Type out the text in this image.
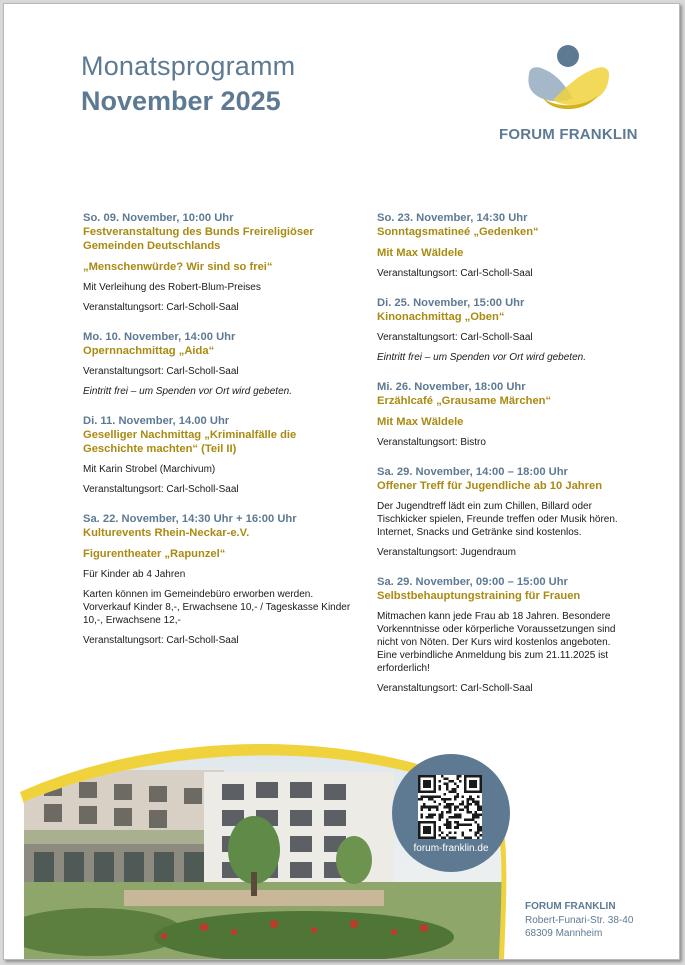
Monatsprogramm
November 2025
FORUM FRANKLIN
So. 09. November, 10:00 Uhr
Festveranstaltung des Bunds Freireligiöser Gemeinden Deutschlands
„Menschenwürde? Wir sind so frei“
Mit Verleihung des Robert-Blum-Preises
Veranstaltungsort: Carl-Scholl-Saal
Mo. 10. November, 14:00 Uhr
Opernnachmittag „Aida“
Veranstaltungsort: Carl-Scholl-Saal
Eintritt frei – um Spenden vor Ort wird gebeten.
Di. 11. November, 14.00 Uhr
Geselliger Nachmittag „Kriminalfälle die Geschichte machten“ (Teil II)
Mit Karin Strobel (Marchivum)
Veranstaltungsort: Carl-Scholl-Saal
Sa. 22. November, 14:30 Uhr + 16:00 Uhr
Kulturevents Rhein-Neckar-e.V.
Figurentheater „Rapunzel“
Für Kinder ab 4 Jahren
Karten können im Gemeindebüro erworben werden. Vorverkauf Kinder 8,-, Erwachsene 10,- / Tageskasse Kinder 10,-, Erwachsene 12,-
Veranstaltungsort: Carl-Scholl-Saal
So. 23. November, 14:30 Uhr
Sonntagsmatineé „Gedenken“
Mit Max Wäldele
Veranstaltungsort: Carl-Scholl-Saal
Di. 25. November, 15:00 Uhr
Kinonachmittag „Oben“
Veranstaltungsort: Carl-Scholl-Saal
Eintritt frei – um Spenden vor Ort wird gebeten.
Mi. 26. November, 18:00 Uhr
Erzählcafé „Grausame Märchen“
Mit Max Wäldele
Veranstaltungsort: Bistro
Sa. 29. November, 14:00 – 18:00 Uhr
Offener Treff für Jugendliche ab 10 Jahren
Der Jugendtreff lädt ein zum Chillen, Billard oder Tischkicker spielen, Freunde treffen oder Musik hören. Internet, Snacks und Getränke sind kostenlos.
Veranstaltungsort: Jugendraum
Sa. 29. November, 09:00 – 15:00 Uhr
Selbstbehauptungstraining für Frauen
Mitmachen kann jede Frau ab 18 Jahren. Besondere Vorkenntnisse oder körperliche Voraussetzungen sind nicht von Nöten. Der Kurs wird kostenlos angeboten. Eine verbindliche Anmeldung bis zum 21.11.2025 ist erforderlich!
Veranstaltungsort: Carl-Scholl-Saal
forum-franklin.de
FORUM FRANKLIN
Robert-Funari-Str. 38-40
68309 Mannheim
